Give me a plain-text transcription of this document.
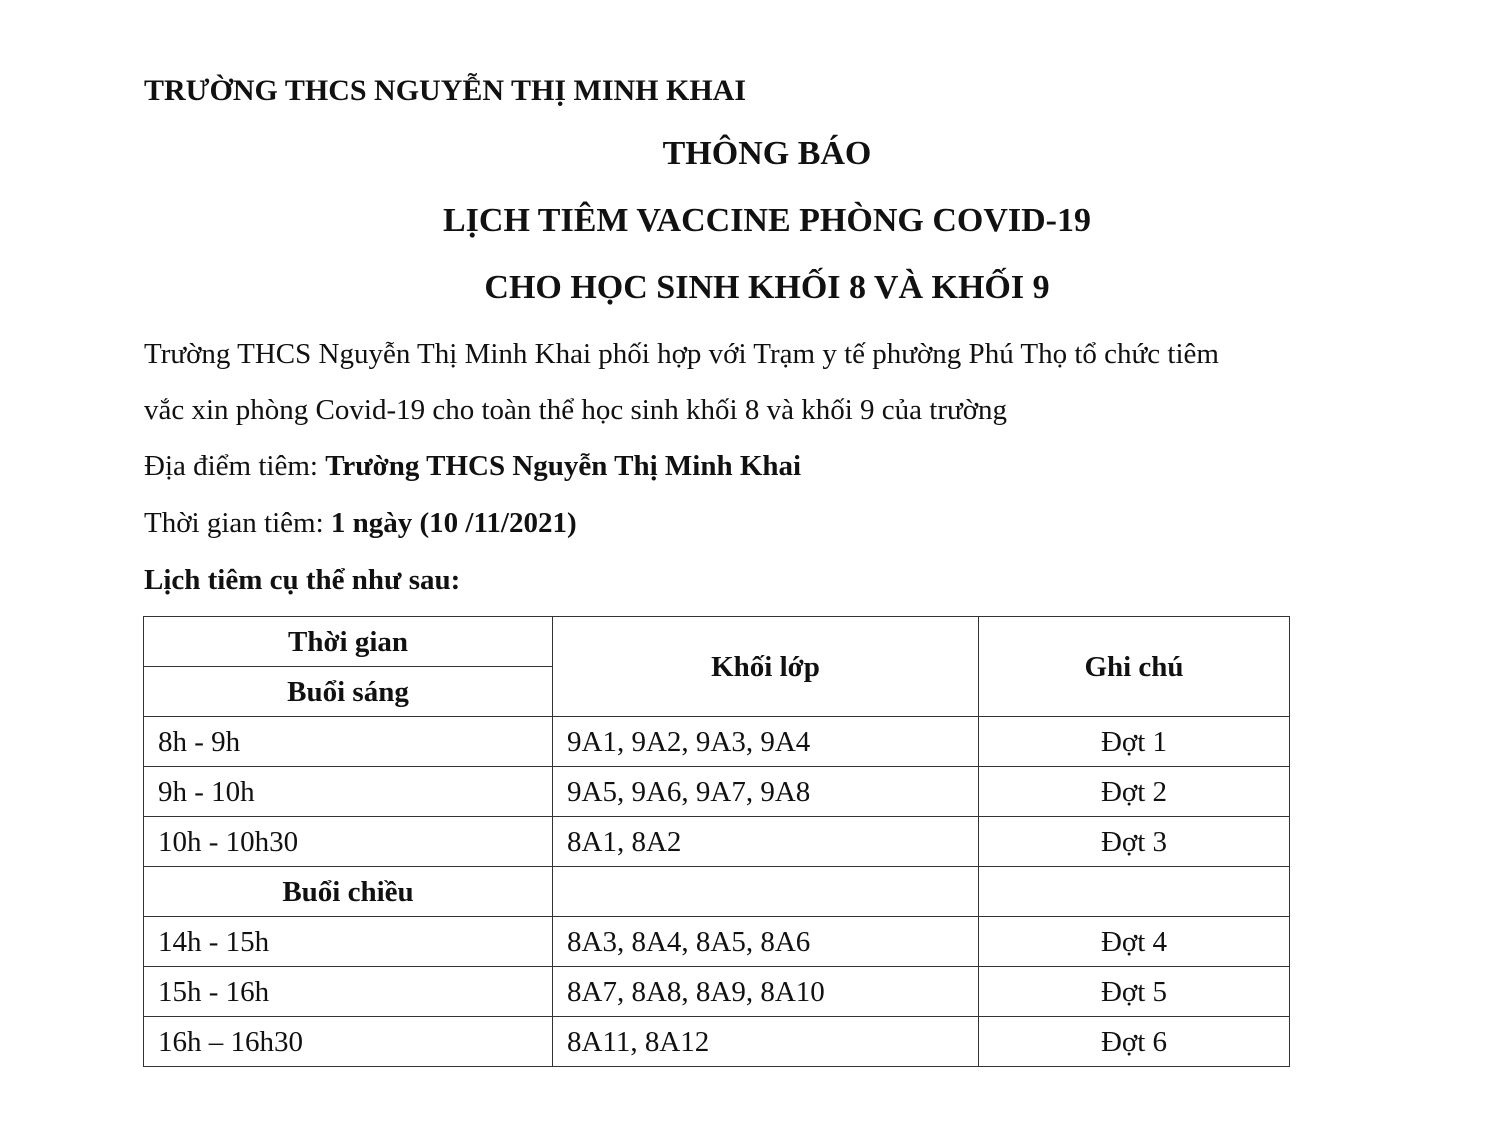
TRƯỜNG THCS NGUYỄN THỊ MINH KHAI
THÔNG BÁO
LỊCH TIÊM VACCINE PHÒNG COVID-19
CHO HỌC SINH KHỐI 8 VÀ KHỐI 9
Trường THCS Nguyễn Thị Minh Khai phối hợp với Trạm y tế phường Phú Thọ tổ chức tiêm
vắc xin phòng Covid-19 cho toàn thể học sinh khối 8 và khối 9 của trường
Địa điểm tiêm: Trường THCS Nguyễn Thị Minh Khai
Thời gian tiêm: 1 ngày (10 /11/2021)
Lịch tiêm cụ thể như sau:
Thời gian	Khối lớp	Ghi chú
Buổi sáng		
8h - 9h	9A1, 9A2, 9A3, 9A4	Đợt 1
9h - 10h	9A5, 9A6, 9A7, 9A8	Đợt 2
10h - 10h30	8A1, 8A2	Đợt 3
Buổi chiều		
14h - 15h	8A3, 8A4, 8A5, 8A6	Đợt 4
15h - 16h	8A7, 8A8, 8A9, 8A10	Đợt 5
16h – 16h30	8A11, 8A12	Đợt 6
